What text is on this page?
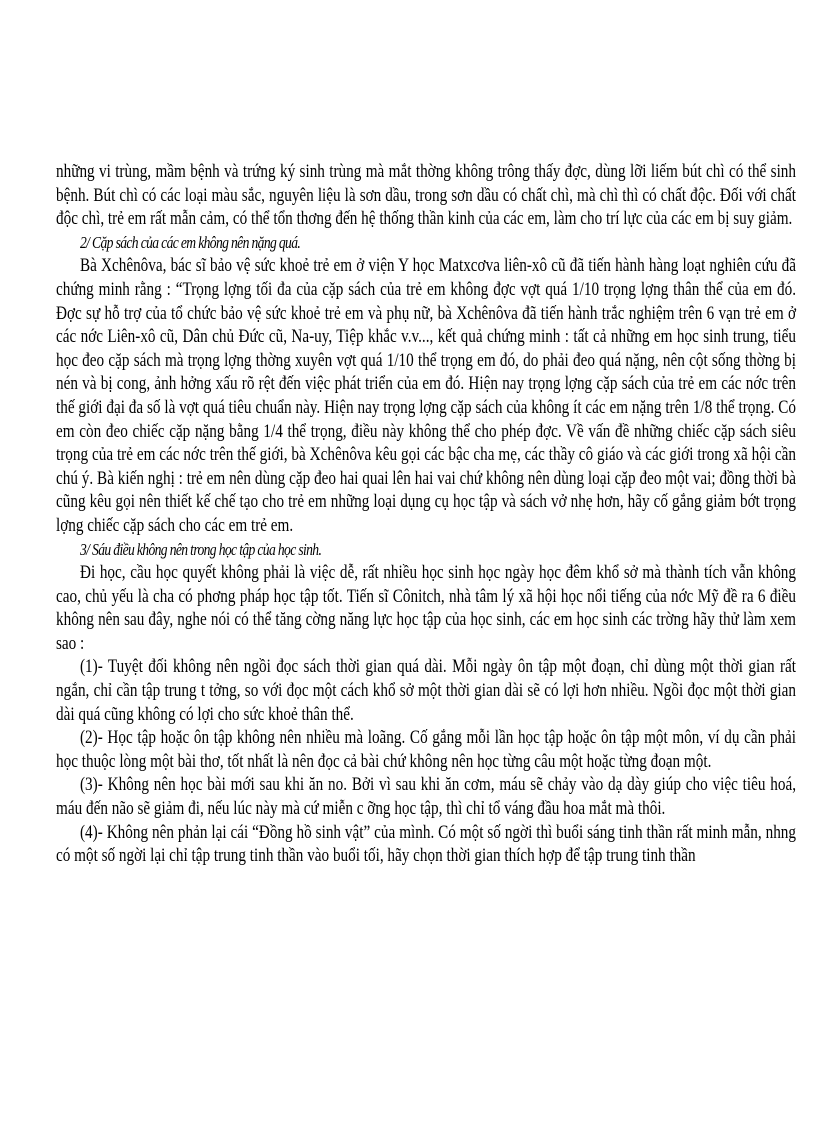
những vi trùng, mầm bệnh và trứng ký sinh trùng mà mắt thờng không trông thấy đợc, dùng lỡi liếm bút chì có thể sinh bệnh. Bút chì có các loại màu sắc, nguyên liệu là sơn dầu, trong sơn dầu có chất chì, mà chì thì có chất độc. Đối với chất độc chì, trẻ em rất mẫn cảm, có thể tổn thơng đến hệ thống thần kinh của các em, làm cho trí lực của các em bị suy giảm.

2/ Cặp sách của các em không nên nặng quá.

Bà Xchênôva, bác sĩ bảo vệ sức khoẻ trẻ em ở viện Y học Matxcơva liên-xô cũ đã tiến hành hàng loạt nghiên cứu đã chứng minh rằng : “Trọng lợng tối đa của cặp sách của trẻ em không đợc vợt quá 1/10 trọng lợng thân thể của em đó. Đợc sự hỗ trợ của tổ chức bảo vệ sức khoẻ trẻ em và phụ nữ, bà Xchênôva đã tiến hành trắc nghiệm trên 6 vạn trẻ em ở các nớc Liên-xô cũ, Dân chủ Đức cũ, Na-uy, Tiệp khắc v.v..., kết quả chứng minh : tất cả những em học sinh trung, tiểu học đeo cặp sách mà trọng lợng thờng xuyên vợt quá 1/10 thể trọng em đó, do phải đeo quá nặng, nên cột sống thờng bị nén và bị cong, ảnh hởng xấu rõ rệt đến việc phát triển của em đó. Hiện nay trọng lợng cặp sách của trẻ em các nớc trên thế giới đại đa số là vợt quá tiêu chuẩn này. Hiện nay trọng lợng cặp sách của không ít các em nặng trên 1/8 thể trọng. Có em còn đeo chiếc cặp nặng bằng 1/4 thể trọng, điều này không thể cho phép đợc. Về vấn đề những chiếc cặp sách siêu trọng của trẻ em các nớc trên thế giới, bà Xchênôva kêu gọi các bậc cha mẹ, các thầy cô giáo và các giới trong xã hội cần chú ý. Bà kiến nghị : trẻ em nên dùng cặp đeo hai quai lên hai vai chứ không nên dùng loại cặp đeo một vai; đồng thời bà cũng kêu gọi nên thiết kế chế tạo cho trẻ em những loại dụng cụ học tập và sách vở nhẹ hơn, hãy cố gắng giảm bớt trọng lợng chiếc cặp sách cho các em trẻ em.

3/ Sáu điều không nên trong học tập của học sinh.

Đi học, cầu học quyết không phải là việc dễ, rất nhiều học sinh học ngày học đêm khổ sở mà thành tích vẫn không cao, chủ yếu là cha có phơng pháp học tập tốt. Tiến sĩ Cônitch, nhà tâm lý xã hội học nổi tiếng của nớc Mỹ đề ra 6 điều không nên sau đây, nghe nói có thể tăng cờng năng lực học tập của học sinh, các em học sinh các trờng hãy thử làm xem sao :

(1)- Tuyệt đối không nên ngồi đọc sách thời gian quá dài. Mỗi ngày ôn tập một đoạn, chỉ dùng một thời gian rất ngắn, chỉ cần tập trung t tởng, so với đọc một cách khổ sở một thời gian dài sẽ có lợi hơn nhiều. Ngồi đọc một thời gian dài quá cũng không có lợi cho sức khoẻ thân thể.

(2)- Học tập hoặc ôn tập không nên nhiều mà loãng. Cố gắng mỗi lần học tập hoặc ôn tập một môn, ví dụ cần phải học thuộc lòng một bài thơ, tốt nhất là nên đọc cả bài chứ không nên học từng câu một hoặc từng đoạn một.

(3)- Không nên học bài mới sau khi ăn no. Bởi vì sau khi ăn cơm, máu sẽ chảy vào dạ dày giúp cho việc tiêu hoá, máu đến não sẽ giảm đi, nếu lúc này mà cứ miễn c ỡng học tập, thì chỉ tổ váng đầu hoa mắt mà thôi.

(4)- Không nên phản lại cái “Đồng hồ sinh vật” của mình. Có một số ngời thì buổi sáng tinh thần rất minh mẫn, nhng có một số ngời lại chỉ tập trung tinh thần vào buổi tối, hãy chọn thời gian thích hợp để tập trung tinh thần
